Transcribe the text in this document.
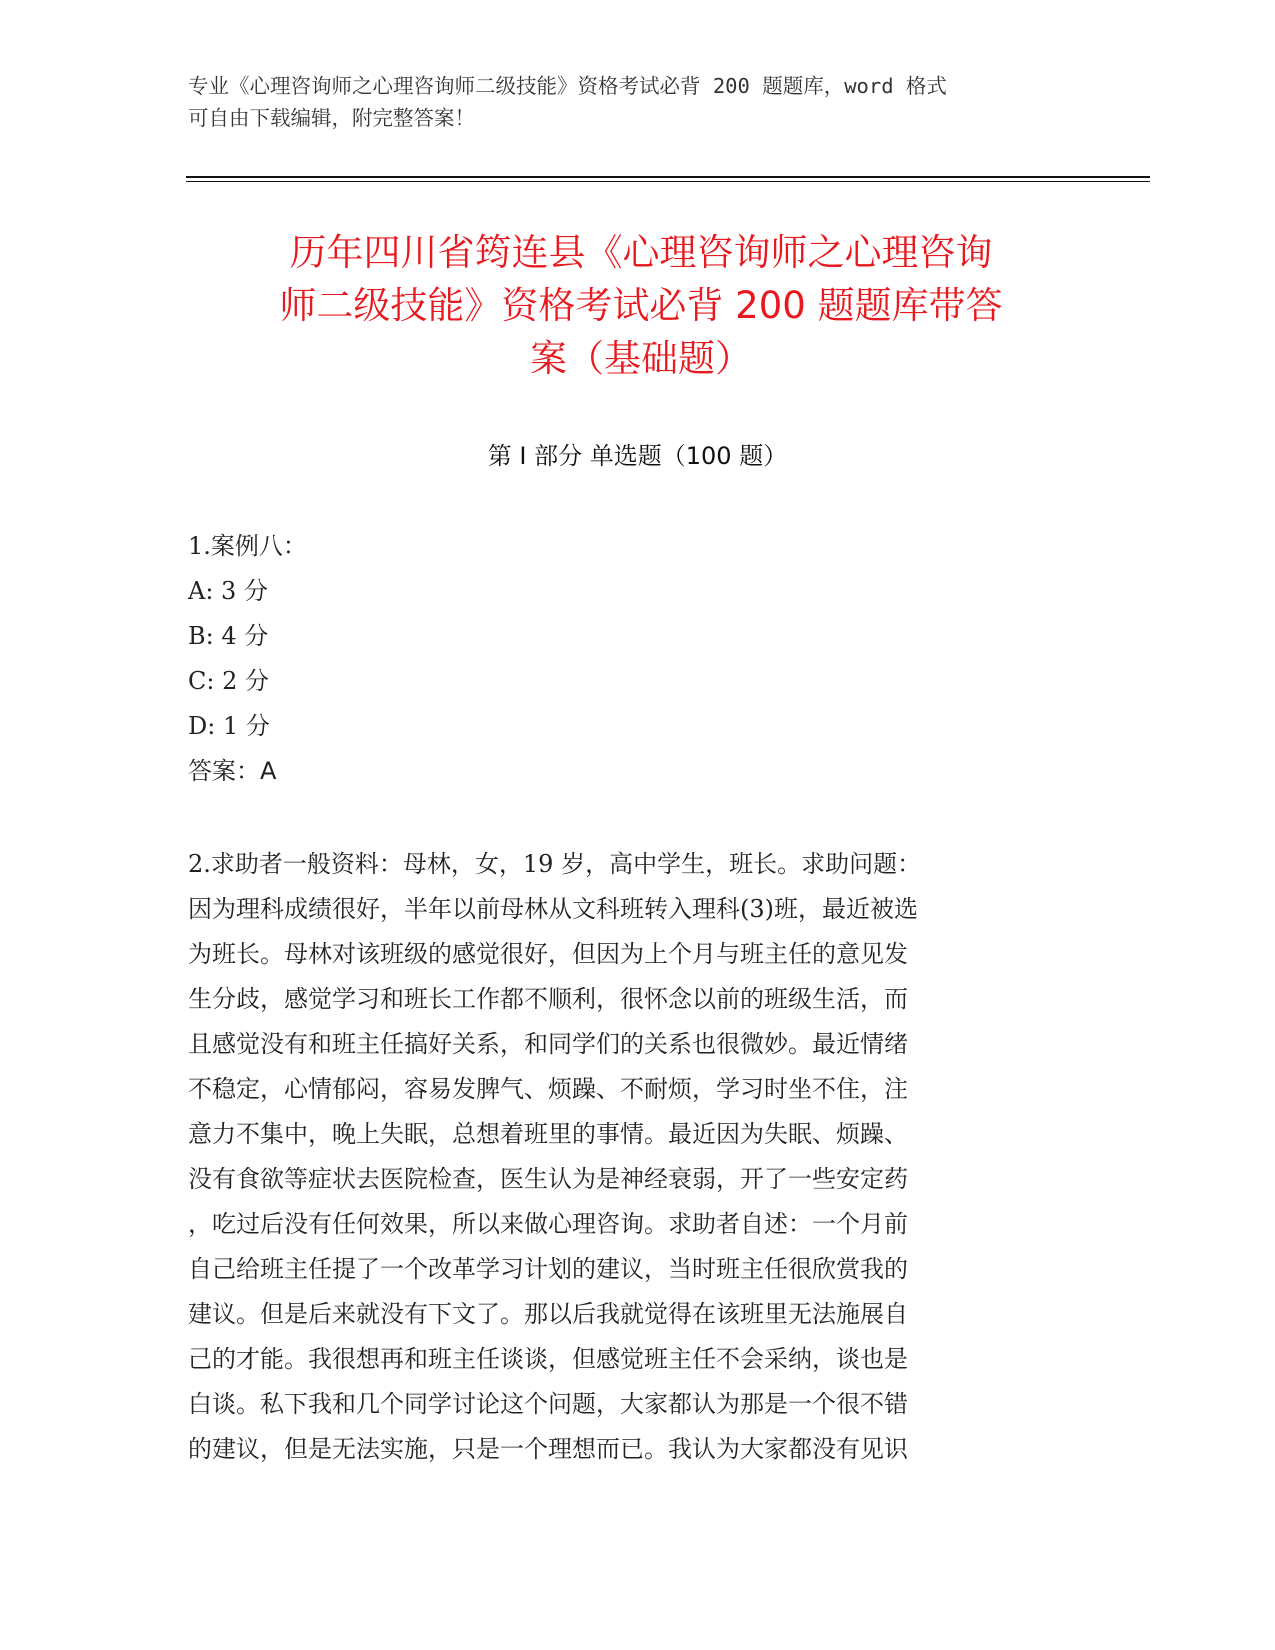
专业《心理咨询师之心理咨询师二级技能》资格考试必背 200 题题库，word 格式

可自由下载编辑，附完整答案！

历年四川省筠连县《心理咨询师之心理咨询

师二级技能》资格考试必背 200 题题库带答

案（基础题）

第 I 部分 单选题（100 题）

1.案例八：

A: 3 分

B: 4 分

C: 2 分

D: 1 分

答案：A

2.求助者一般资料：母林，女，19 岁，高中学生，班长。求助问题：

因为理科成绩很好，半年以前母林从文科班转入理科(3)班，最近被选

为班长。母林对该班级的感觉很好，但因为上个月与班主任的意见发

生分歧，感觉学习和班长工作都不顺利，很怀念以前的班级生活，而

且感觉没有和班主任搞好关系，和同学们的关系也很微妙。最近情绪

不稳定，心情郁闷，容易发脾气、烦躁、不耐烦，学习时坐不住，注

意力不集中，晚上失眠，总想着班里的事情。最近因为失眠、烦躁、

没有食欲等症状去医院检查，医生认为是神经衰弱，开了一些安定药

，吃过后没有任何效果，所以来做心理咨询。求助者自述：一个月前

自己给班主任提了一个改革学习计划的建议，当时班主任很欣赏我的

建议。但是后来就没有下文了。那以后我就觉得在该班里无法施展自

己的才能。我很想再和班主任谈谈，但感觉班主任不会采纳，谈也是

白谈。私下我和几个同学讨论这个问题，大家都认为那是一个很不错

的建议，但是无法实施，只是一个理想而已。我认为大家都没有见识
